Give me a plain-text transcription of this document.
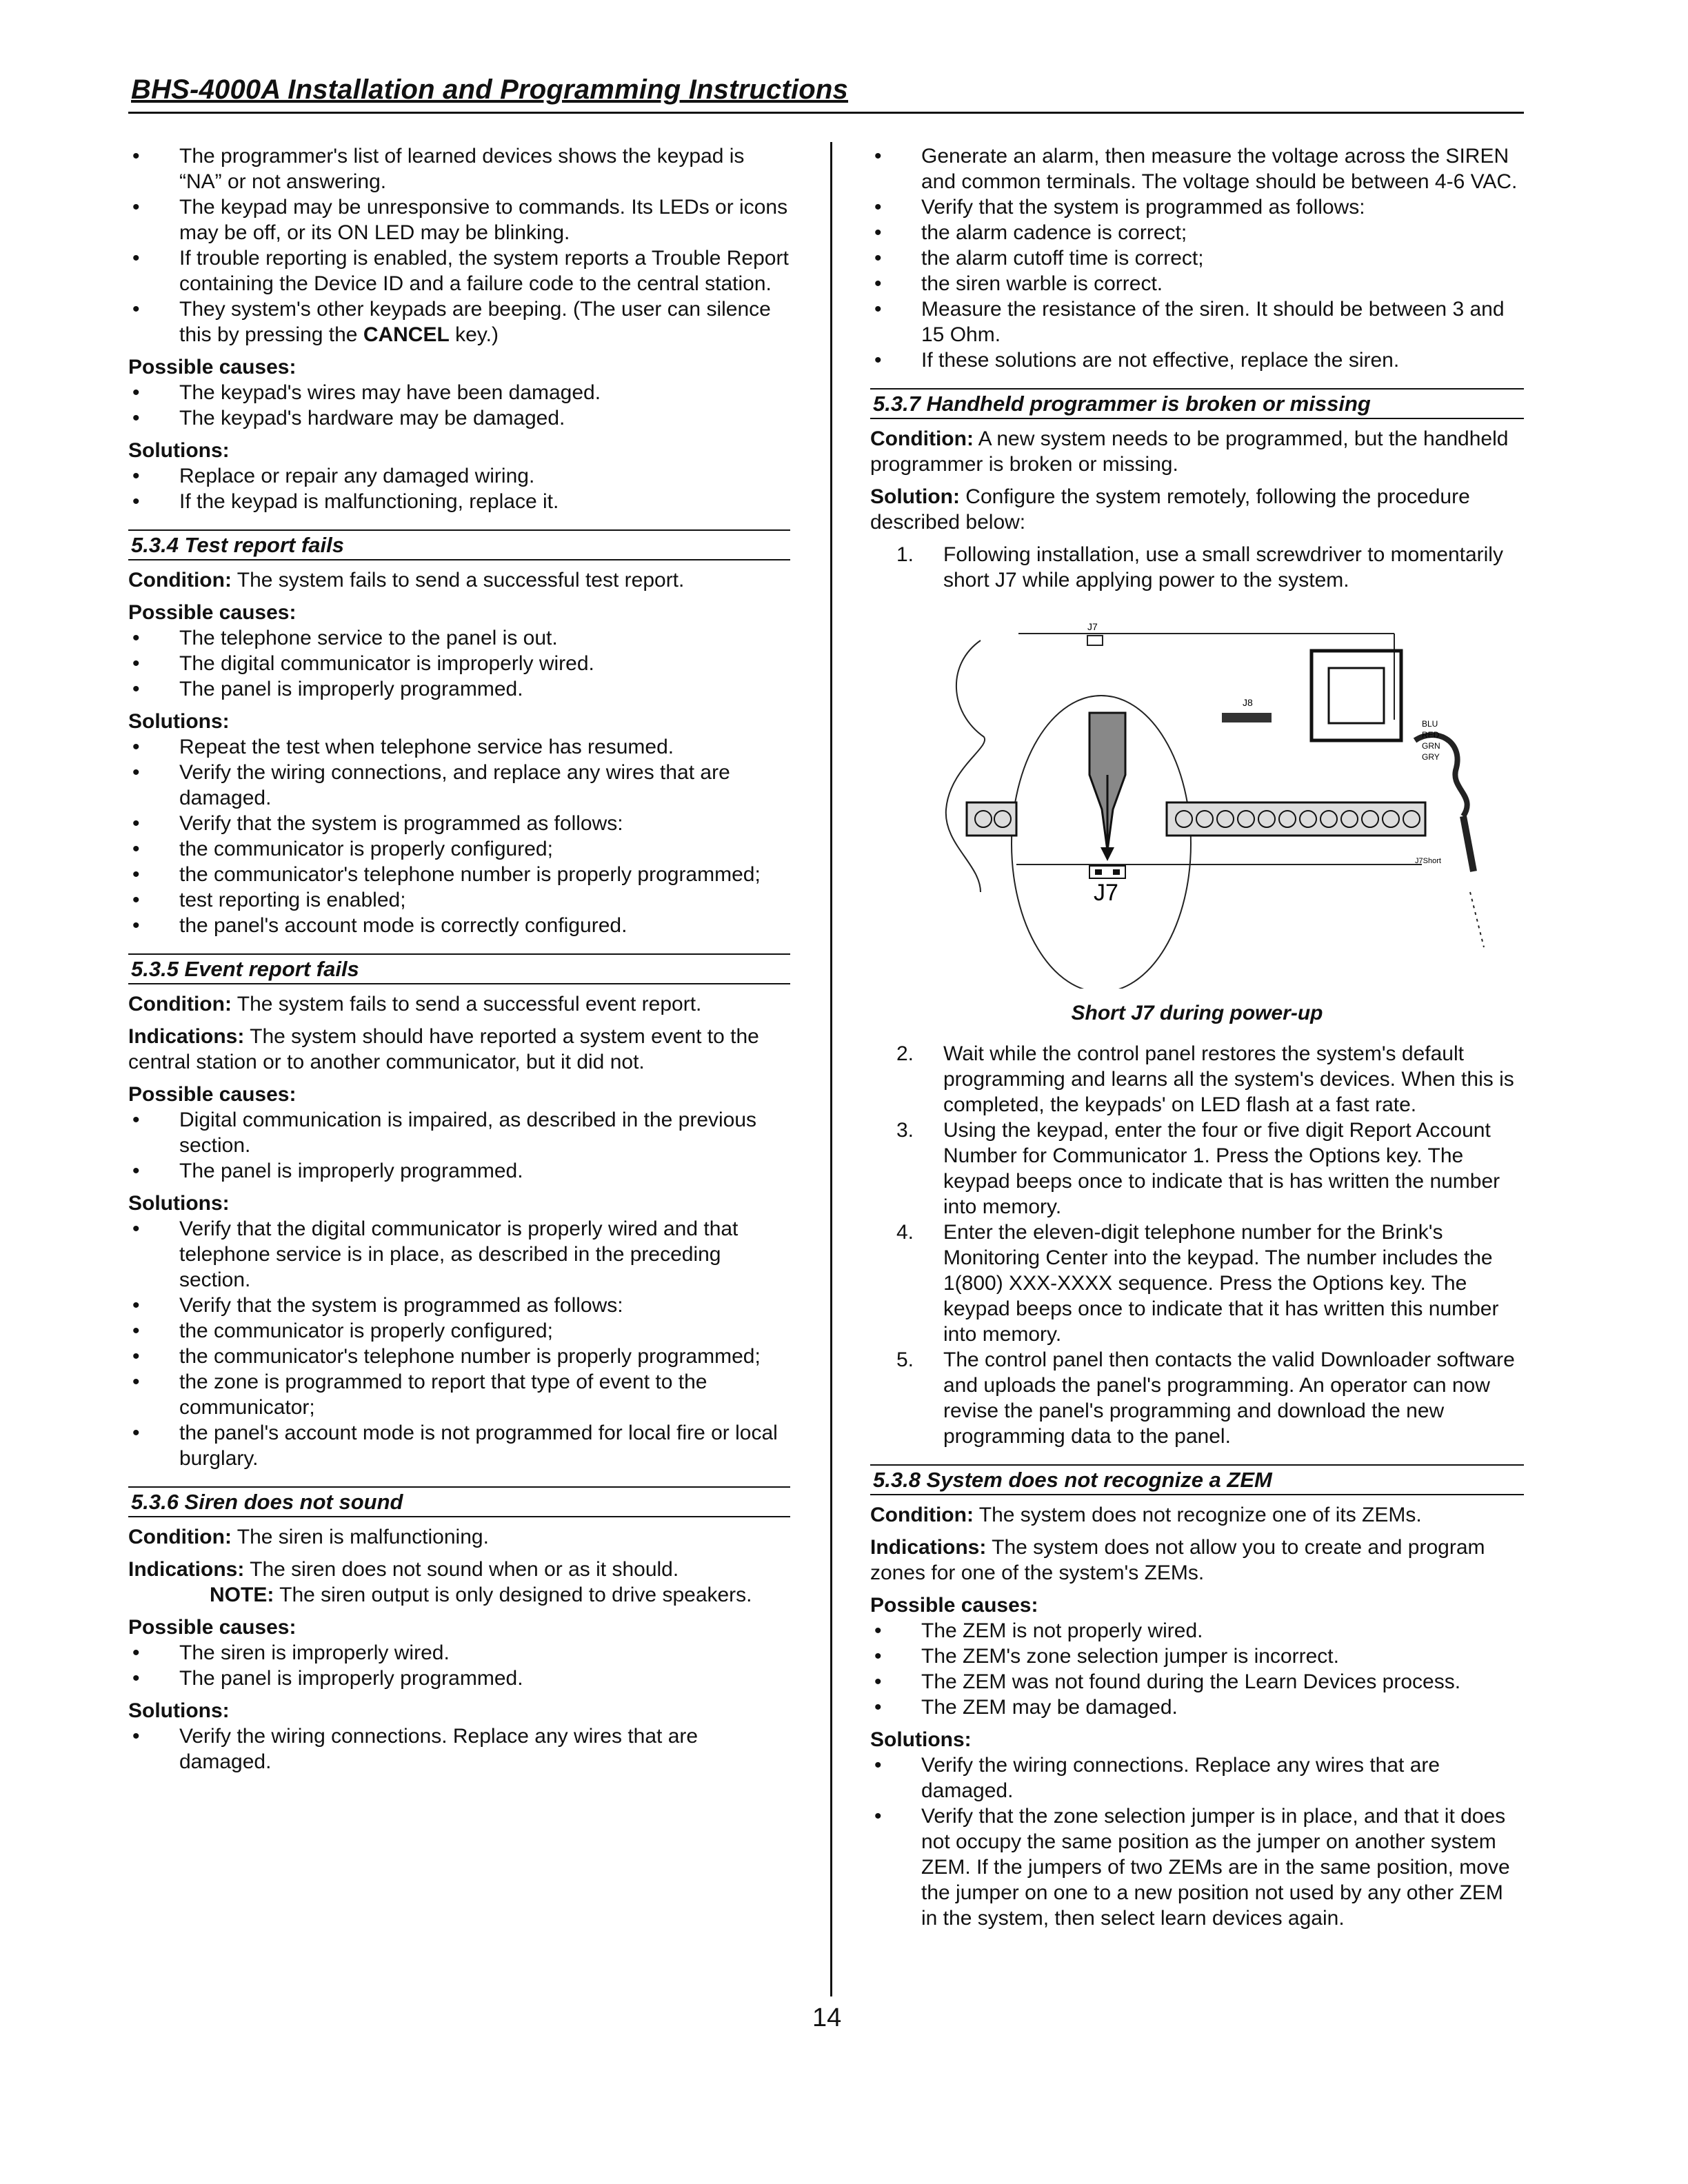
BHS-4000A Installation and Programming Instructions
• The programmer's list of learned devices shows the keypad is “NA” or not answering.
• The keypad may be unresponsive to commands. Its LEDs or icons may be off, or its ON LED may be blinking.
• If trouble reporting is enabled, the system reports a Trouble Report containing the Device ID and a failure code to the central station.
• They system's other keypads are beeping. (The user can silence this by pressing the CANCEL key.)
Possible causes:
• The keypad's wires may have been damaged.
• The keypad's hardware may be damaged.
Solutions:
• Replace or repair any damaged wiring.
• If the keypad is malfunctioning, replace it.
5.3.4 Test report fails
Condition: The system fails to send a successful test report.
Possible causes:
• The telephone service to the panel is out.
• The digital communicator is improperly wired.
• The panel is improperly programmed.
Solutions:
• Repeat the test when telephone service has resumed.
• Verify the wiring connections, and replace any wires that are damaged.
• Verify that the system is programmed as follows:
• the communicator is properly configured;
• the communicator's telephone number is properly programmed;
• test reporting is enabled;
• the panel's account mode is correctly configured.
5.3.5 Event report fails
Condition: The system fails to send a successful event report.
Indications: The system should have reported a system event to the central station or to another communicator, but it did not.
Possible causes:
• Digital communication is impaired, as described in the previous section.
• The panel is improperly programmed.
Solutions:
• Verify that the digital communicator is properly wired and that telephone service is in place, as described in the preceding section.
• Verify that the system is programmed as follows:
• the communicator is properly configured;
• the communicator's telephone number is properly programmed;
• the zone is programmed to report that type of event to the communicator;
• the panel's account mode is not programmed for local fire or local burglary.
5.3.6 Siren does not sound
Condition: The siren is malfunctioning.
Indications: The siren does not sound when or as it should.
NOTE: The siren output is only designed to drive speakers.
Possible causes:
• The siren is improperly wired.
• The panel is improperly programmed.
Solutions:
• Verify the wiring connections. Replace any wires that are damaged.
• Generate an alarm, then measure the voltage across the SIREN and common terminals. The voltage should be between 4-6 VAC.
• Verify that the system is programmed as follows:
• the alarm cadence is correct;
• the alarm cutoff time is correct;
• the siren warble is correct.
• Measure the resistance of the siren. It should be between 3 and 15 Ohm.
• If these solutions are not effective, replace the siren.
5.3.7 Handheld programmer is broken or missing
Condition: A new system needs to be programmed, but the handheld programmer is broken or missing.
Solution: Configure the system remotely, following the procedure described below:
1. Following installation, use a small screwdriver to momentarily short J7 while applying power to the system.
J8
BLU
RED
GRN
GRY
J7
J7Short
J7
Short J7 during power-up
2. Wait while the control panel restores the system's default programming and learns all the system's devices. When this is completed, the keypads' on LED flash at a fast rate.
3. Using the keypad, enter the four or five digit Report Account Number for Communicator 1. Press the Options key. The keypad beeps once to indicate that is has written the number into memory.
4. Enter the eleven-digit telephone number for the Brink's Monitoring Center into the keypad. The number includes the 1(800) XXX-XXXX sequence. Press the Options key. The keypad beeps once to indicate that it has written this number into memory.
5. The control panel then contacts the valid Downloader software and uploads the panel's programming. An operator can now revise the panel's programming and download the new programming data to the panel.
5.3.8 System does not recognize a ZEM
Condition: The system does not recognize one of its ZEMs.
Indications: The system does not allow you to create and program zones for one of the system's ZEMs.
Possible causes:
• The ZEM is not properly wired.
• The ZEM's zone selection jumper is incorrect.
• The ZEM was not found during the Learn Devices process.
• The ZEM may be damaged.
Solutions:
• Verify the wiring connections. Replace any wires that are damaged.
• Verify that the zone selection jumper is in place, and that it does not occupy the same position as the jumper on another system ZEM. If the jumpers of two ZEMs are in the same position, move the jumper on one to a new position not used by any other ZEM in the system, then select learn devices again.
14
